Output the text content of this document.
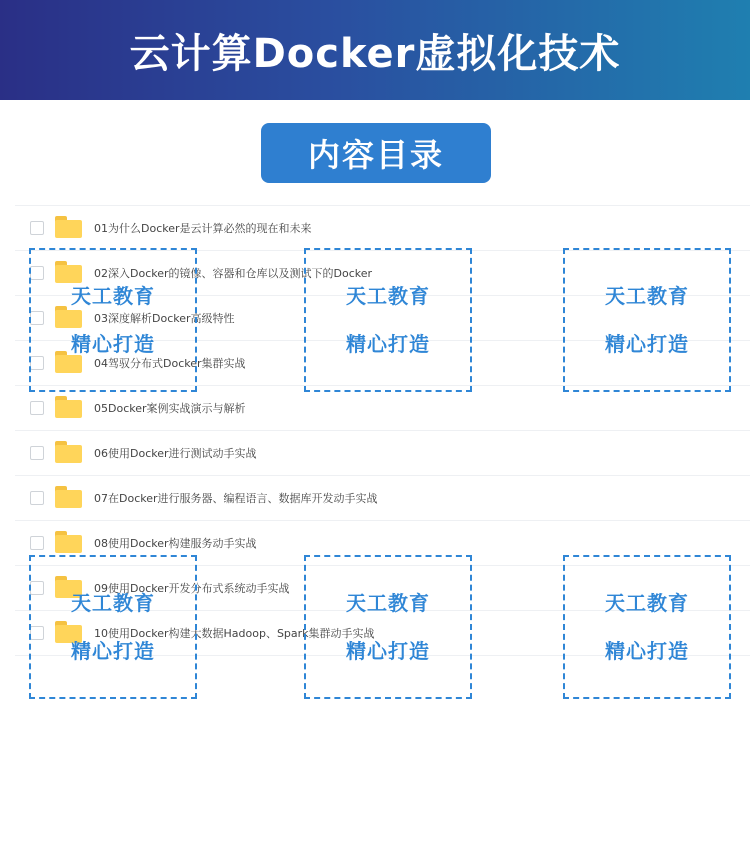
云计算Docker虚拟化技术
内容目录
01为什么Docker是云计算必然的现在和未来
02深入Docker的镜像、容器和仓库以及测试下的Docker
03深度解析Docker高级特性
04驾驭分布式Docker集群实战
05Docker案例实战演示与解析
06使用Docker进行测试动手实战
07在Docker进行服务器、编程语言、数据库开发动手实战
08使用Docker构建服务动手实战
09使用Docker开发分布式系统动手实战
10使用Docker构建大数据Hadoop、Spark集群动手实战
天工教育
精心打造
天工教育
精心打造
天工教育
精心打造
天工教育
精心打造
天工教育
精心打造
天工教育
精心打造
